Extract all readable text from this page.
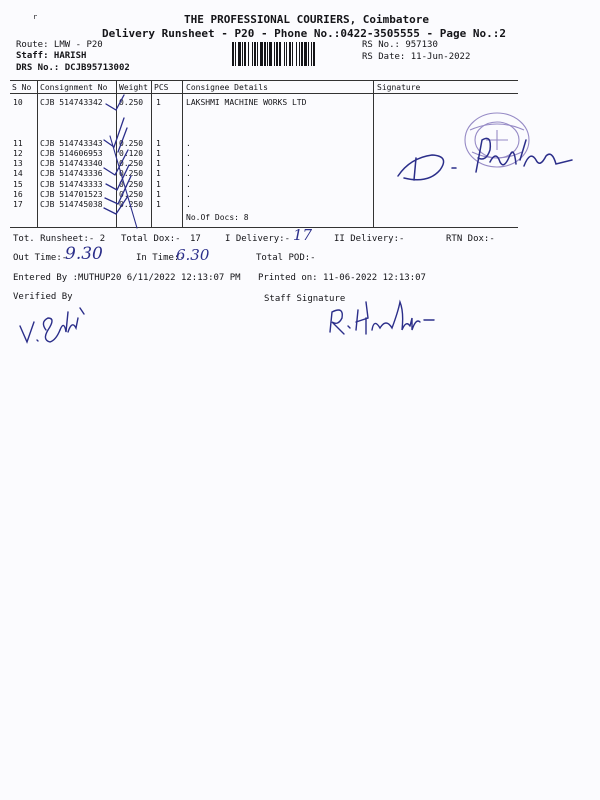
r	THE PROFESSIONAL COURIERS, Coimbatore
Delivery Runsheet - P20 - Phone No.:0422-3505555 - Page No.:2
Route: LMW - P20
Staff: HARISH
DRS No.: DCJB95713002
RS No.: 957130
RS Date: 11-Jun-2022
S No Consignment No Weight PCS Consignee Details	Signature
10 CJB 514743342 0.250 1	LAKSHMI MACHINE WORKS LTD
11 CJB 514743343 0.250 1	.
12 CJB 514606953 0.120 1	.
13 CJB 514743340 0.250 1	.
14 CJB 514743336 0.250 1	.
15 CJB 514743333 0.250 1	.
16 CJB 514701523 0.250 1	.
17 CJB 514745038 0.250 1	.
No.Of Docs: 8
Tot. Runsheet:- 2 Total Dox:- 17	I Delivery:- 17 II Delivery:-	RTN Dox:-
Out Time:-
9.30	In Time:-
6.30	Total POD:-
Entered By :MUTHUP20 6/11/2022 12:13:07 PM Printed on: 11-06-2022 12:13:07
Verified By	Staff Signature
